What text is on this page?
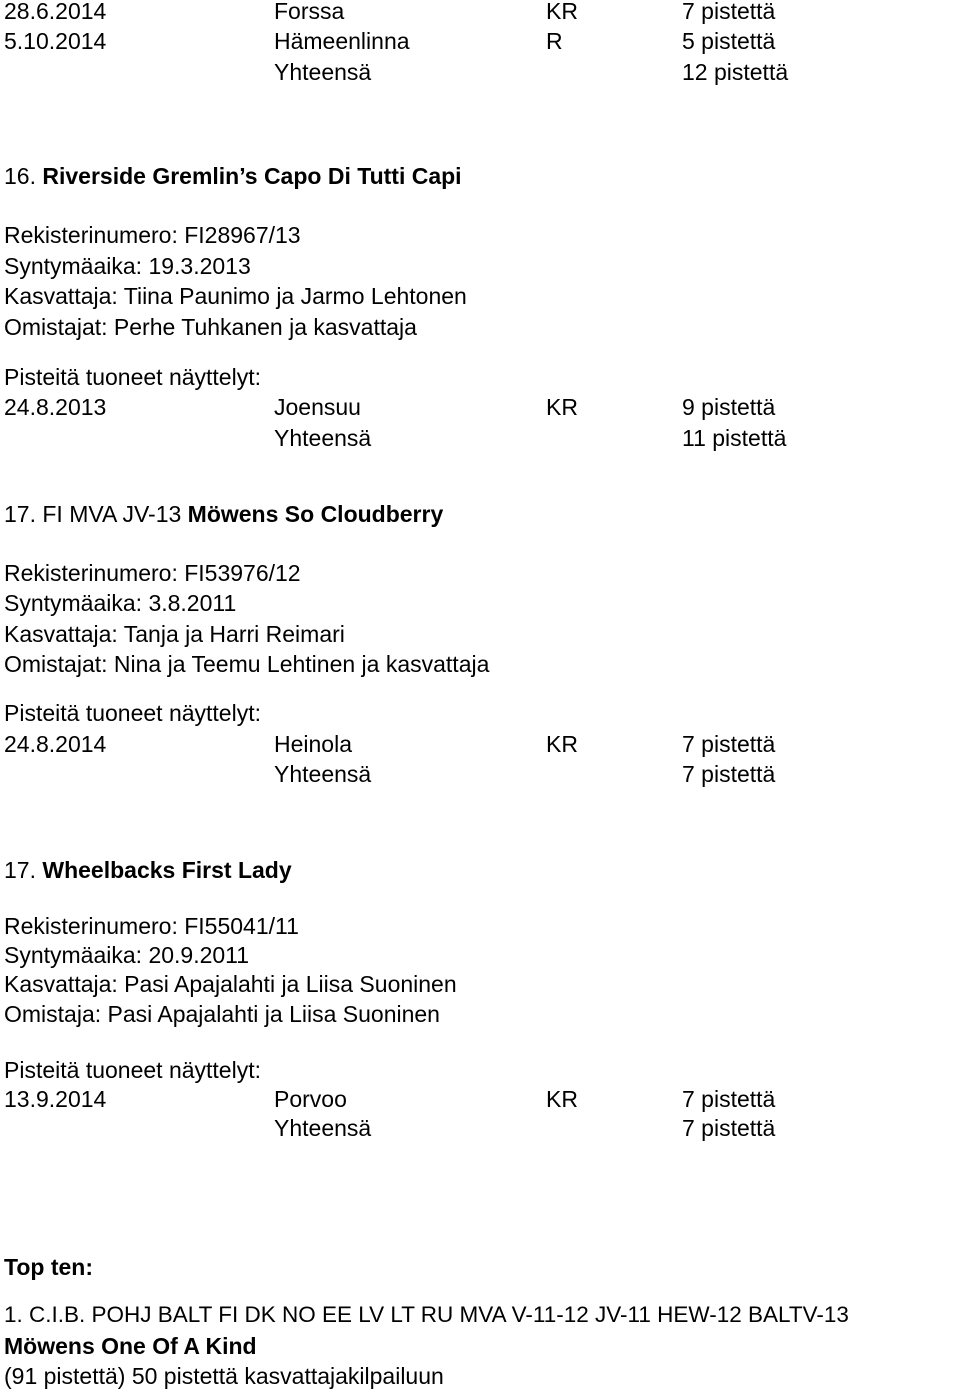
28.6.2014	Forssa	KR	7 pistettä
5.10.2014	Hämeenlinna	R	5 pistettä
Yhteensä	12 pistettä
16. Riverside Gremlin’s Capo Di Tutti Capi
Rekisterinumero: FI28967/13
Syntymäaika: 19.3.2013
Kasvattaja: Tiina Paunimo ja Jarmo Lehtonen
Omistajat: Perhe Tuhkanen ja kasvattaja
Pisteitä tuoneet näyttelyt:
24.8.2013	Joensuu	KR	9 pistettä
Yhteensä	11 pistettä
17. FI MVA JV-13 Möwens So Cloudberry
Rekisterinumero: FI53976/12
Syntymäaika: 3.8.2011
Kasvattaja: Tanja ja Harri Reimari
Omistajat: Nina ja Teemu Lehtinen ja kasvattaja
Pisteitä tuoneet näyttelyt:
24.8.2014	Heinola	KR	7 pistettä
Yhteensä	7 pistettä
17. Wheelbacks First Lady
Rekisterinumero: FI55041/11
Syntymäaika: 20.9.2011
Kasvattaja: Pasi Apajalahti ja Liisa Suoninen
Omistaja: Pasi Apajalahti ja Liisa Suoninen
Pisteitä tuoneet näyttelyt:
13.9.2014	Porvoo	KR	7 pistettä
Yhteensä	7 pistettä
Top ten:
1. C.I.B. POHJ BALT FI DK NO EE LV LT RU MVA V-11-12 JV-11 HEW-12 BALTV-13
Möwens One Of A Kind
(91 pistettä) 50 pistettä kasvattajakilpailuun
